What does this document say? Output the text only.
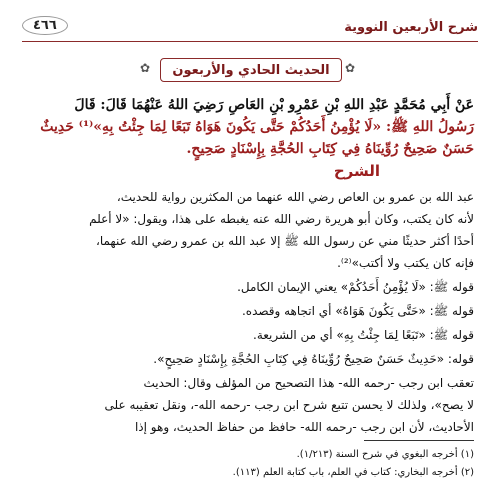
شرح الأربعين النووية
٤٦٦
✿
الحديث الحادي والأربعون
✿
عَنْ أَبِي مُحَمَّدٍ عَبْدِ اللهِ بْنِ عَمْرِو بْنِ العَاصِ رَضِيَ اللهُ عَنْهُمَا قَالَ: قَالَ
رَسُولُ اللهِ ﷺ: «لَا يُؤْمِنُ أَحَدُكُمْ حَتَّى يَكُونَ هَوَاهُ تَبَعًا لِمَا جِئْتُ بِهِ»⁽¹⁾ حَدِيثٌ
حَسَنٌ صَحِيحٌ رُوِّينَاهُ فِي كِتَابِ الحُجَّةِ بِإِسْنَادٍ صَحِيحٍ.
الشرح
عبد الله بن عمرو بن العاص رضي الله عنهما من المكثرين رواية للحديث،
لأنه كان يكتب، وكان أبو هريرة رضي الله عنه يغبطه على هذا، ويقول: «لا أعلم
أحدًا أكثر حديثًا مني عن رسول الله ﷺ إلا عبد الله بن عمرو رضي الله عنهما،
فإنه كان يكتب ولا أكتب»⁽²⁾.
قوله ﷺ: «لَا يُؤْمِنُ أَحَدُكُمْ» يعني الإيمان الكامل.
قوله ﷺ: «حَتَّى يَكُونَ هَوَاهُ» أي اتجاهه وقصده.
قوله ﷺ: «تَبَعًا لِمَا جِئْتُ بِهِ» أي من الشريعة.
قوله: «حَدِيثٌ حَسَنٌ صَحِيحٌ رُوِّينَاهُ فِي كِتَابِ الحُجَّةِ بِإِسْنَادٍ صَحِيحٍ».
تعقب ابن رجب -رحمه الله- هذا التصحيح من المؤلف وقال: الحديث
لا يصح»، ولذلك لا يحسن تتبع شرح ابن رجب -رحمه الله-، ونقل تعقيبه على
الأحاديث، لأن ابن رجب -رحمه الله- حافظ من حفاظ الحديث، وهو إذا
(١) أخرجه البغوي في شرح السنة (١/٢١٣).
(٢) أخرجه البخاري: كتاب في العلم، باب كتابة العلم (١١٣).
